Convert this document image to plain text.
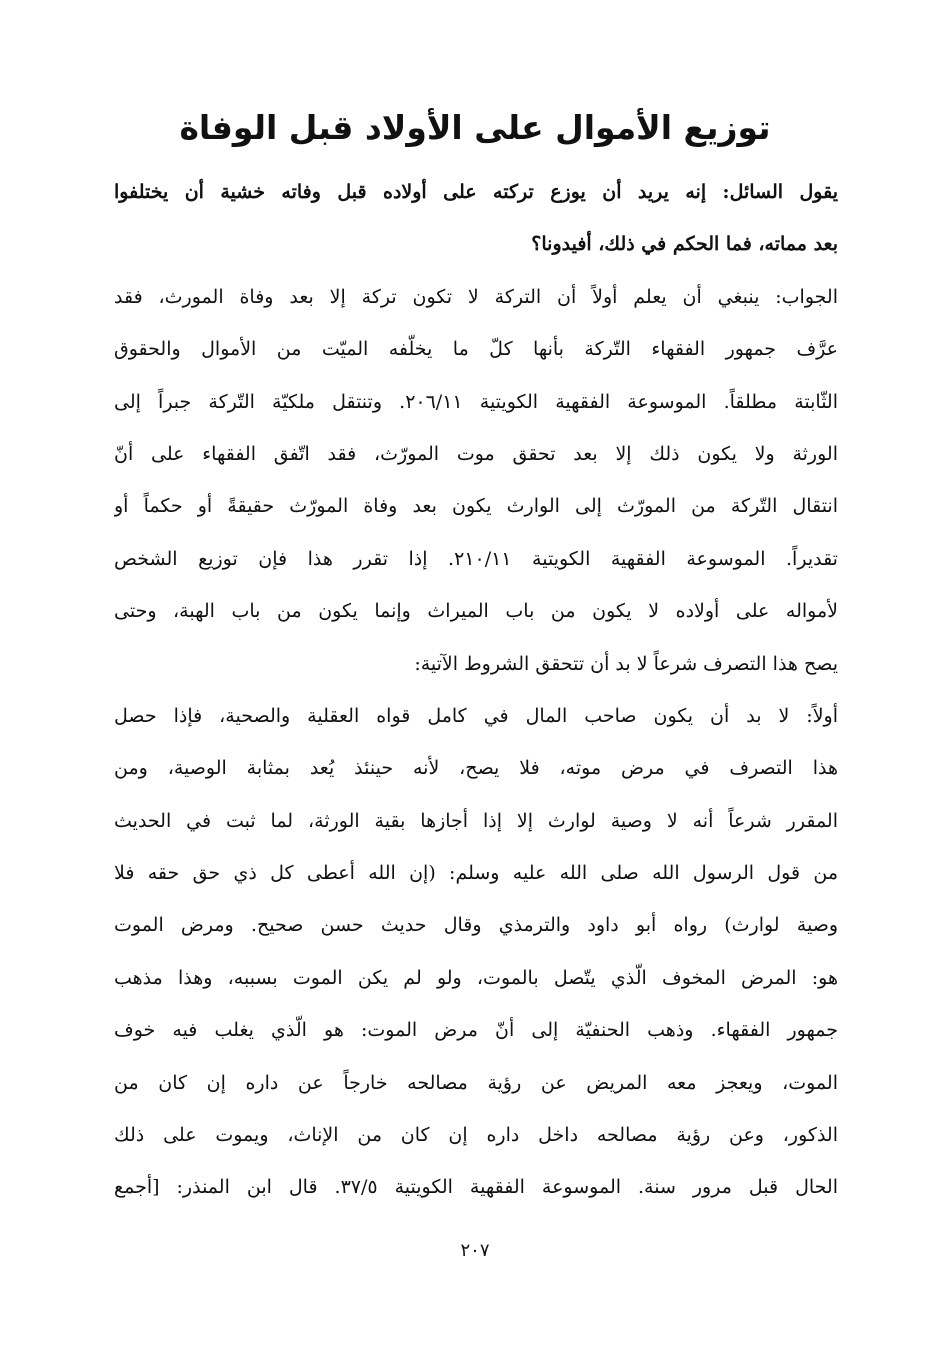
توزيع الأموال على الأولاد قبل الوفاة
يقول السائل: إنه يريد أن يوزع تركته على أولاده قبل وفاته خشية أن يختلفوا
بعد مماته، فما الحكم في ذلك، أفيدونا؟
الجواب: ينبغي أن يعلم أولاً أن التركة لا تكون تركة إلا بعد وفاة المورث، فقد
عرَّف جمهور الفقهاء التّركة بأنها كلّ ما يخلّفه الميّت من الأموال والحقوق
الثّابتة مطلقاً. الموسوعة الفقهية الكويتية ٢٠٦/١١. وتنتقل ملكيّة التّركة جبراً إلى
الورثة ولا يكون ذلك إلا بعد تحقق موت المورّث، فقد اتّفق الفقهاء على أنّ
انتقال التّركة من المورّث إلى الوارث يكون بعد وفاة المورّث حقيقةً أو حكماً أو
تقديراً. الموسوعة الفقهية الكويتية ٢١٠/١١. إذا تقرر هذا فإن توزيع الشخص
لأمواله على أولاده لا يكون من باب الميراث وإنما يكون من باب الهبة، وحتى
يصح هذا التصرف شرعاً لا بد أن تتحقق الشروط الآتية:
أولاً: لا بد أن يكون صاحب المال في كامل قواه العقلية والصحية، فإذا حصل
هذا التصرف في مرض موته، فلا يصح، لأنه حينئذ يُعد بمثابة الوصية، ومن
المقرر شرعاً أنه لا وصية لوارث إلا إذا أجازها بقية الورثة، لما ثبت في الحديث
من قول الرسول الله صلى الله عليه وسلم: (إن الله أعطى كل ذي حق حقه فلا
وصية لوارث) رواه أبو داود والترمذي وقال حديث حسن صحيح. ومرض الموت
هو: المرض المخوف الّذي يتّصل بالموت، ولو لم يكن الموت بسببه، وهذا مذهب
جمهور الفقهاء. وذهب الحنفيّة إلى أنّ مرض الموت: هو الّذي يغلب فيه خوف
الموت، ويعجز معه المريض عن رؤية مصالحه خارجاً عن داره إن كان من
الذكور، وعن رؤية مصالحه داخل داره إن كان من الإناث، ويموت على ذلك
الحال قبل مرور سنة. الموسوعة الفقهية الكويتية ٣٧/٥. قال ابن المنذر: [أجمع
٢٠٧
